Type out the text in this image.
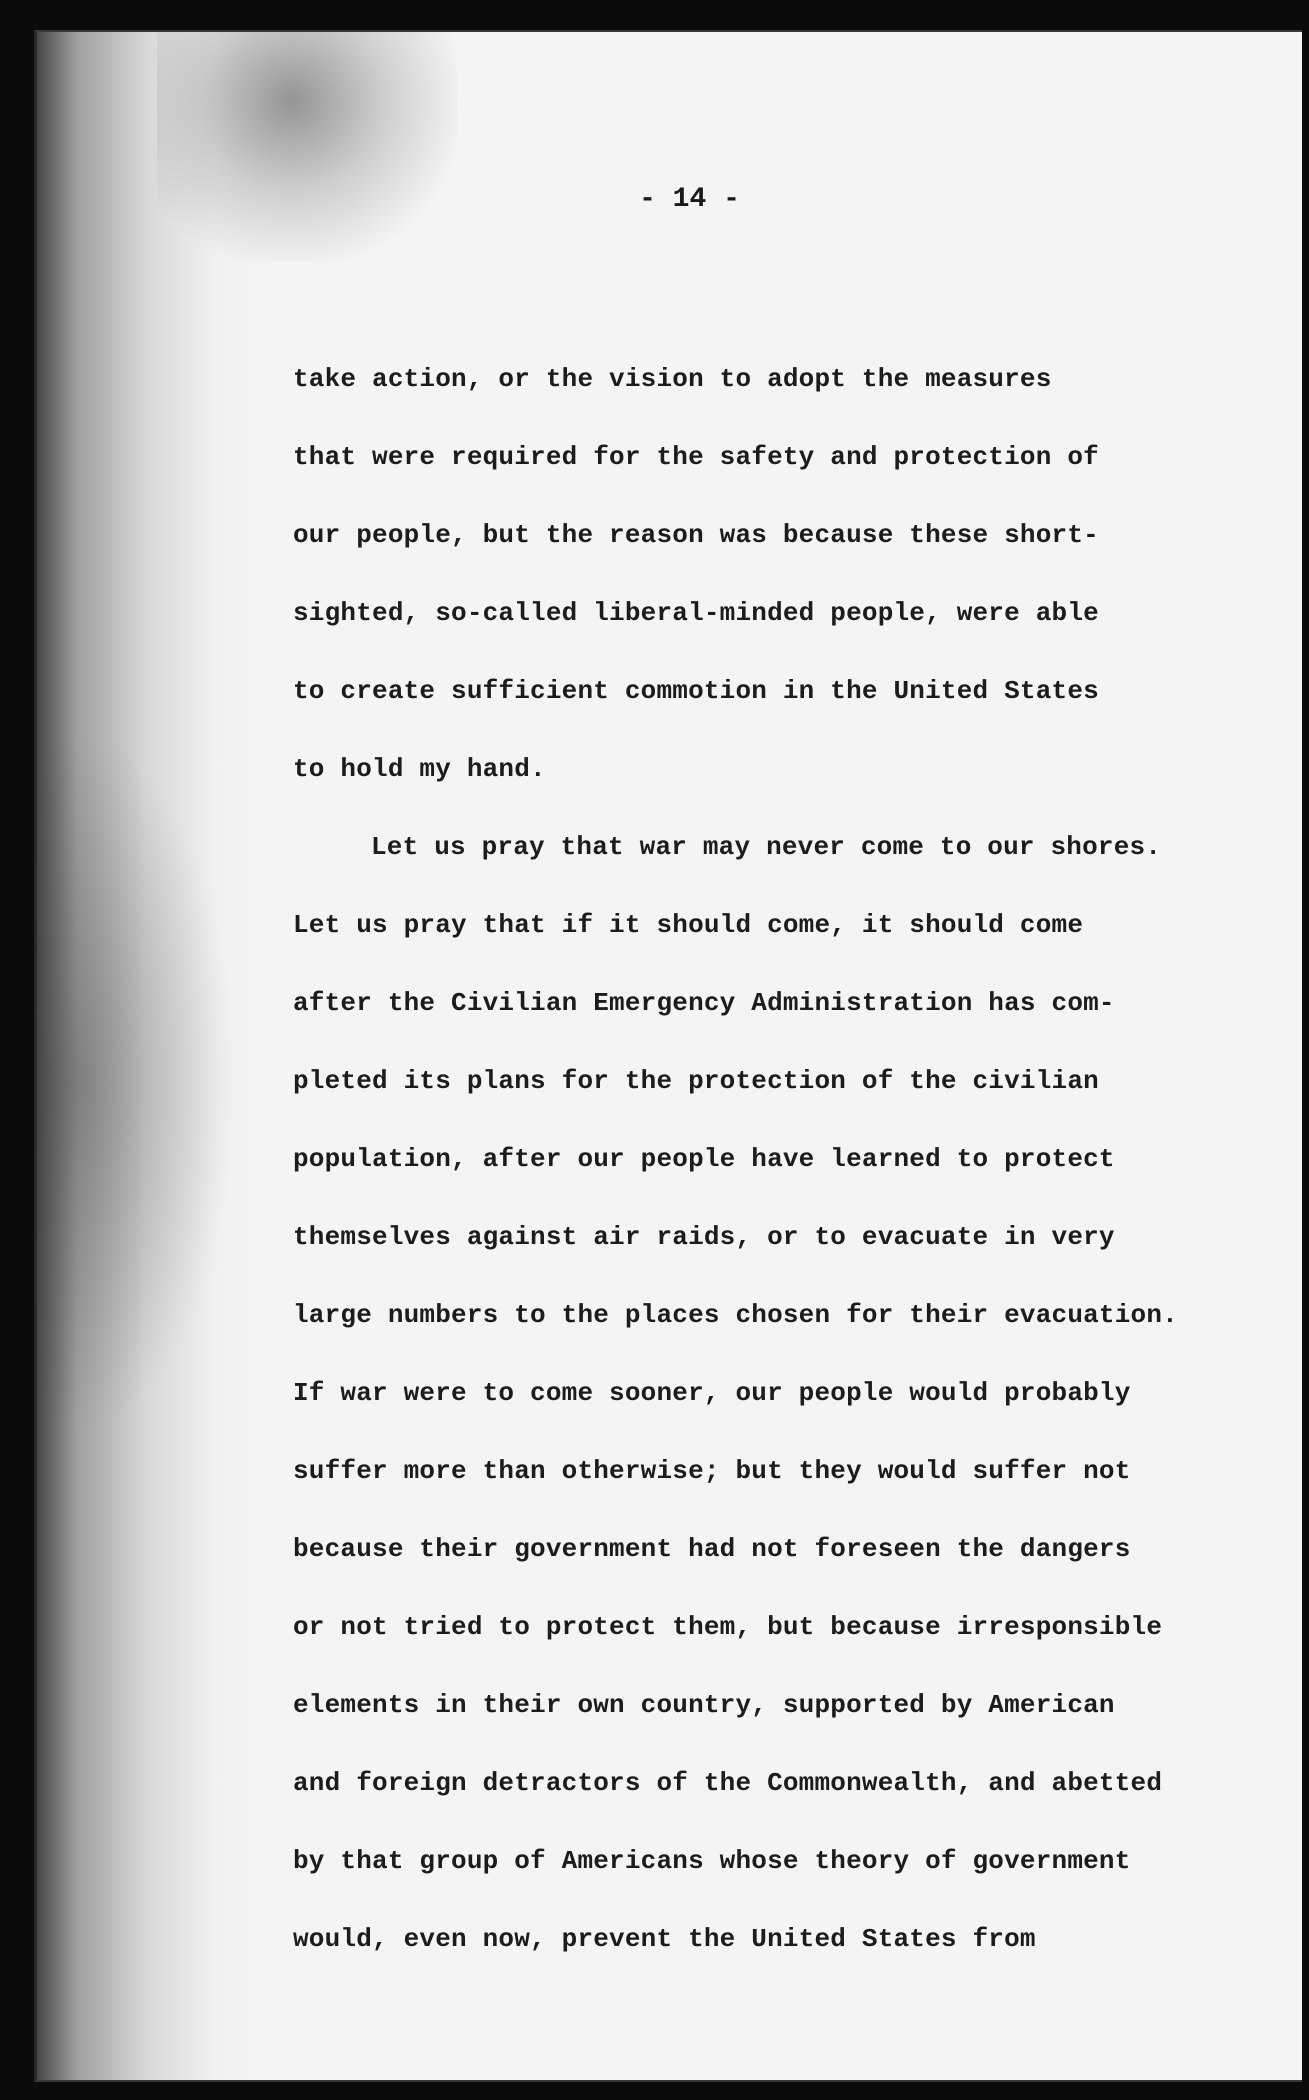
- 14 -
take action, or the vision to adopt the measures
that were required for the safety and protection of
our people, but the reason was because these short-
sighted, so-called liberal-minded people, were able
to create sufficient commotion in the United States
to hold my hand.
Let us pray that war may never come to our shores.
Let us pray that if it should come, it should come
after the Civilian Emergency Administration has com-
pleted its plans for the protection of the civilian
population, after our people have learned to protect
themselves against air raids, or to evacuate in very
large numbers to the places chosen for their evacuation.
If war were to come sooner, our people would probably
suffer more than otherwise; but they would suffer not
because their government had not foreseen the dangers
or not tried to protect them, but because irresponsible
elements in their own country, supported by American
and foreign detractors of the Commonwealth, and abetted
by that group of Americans whose theory of government
would, even now, prevent the United States from
